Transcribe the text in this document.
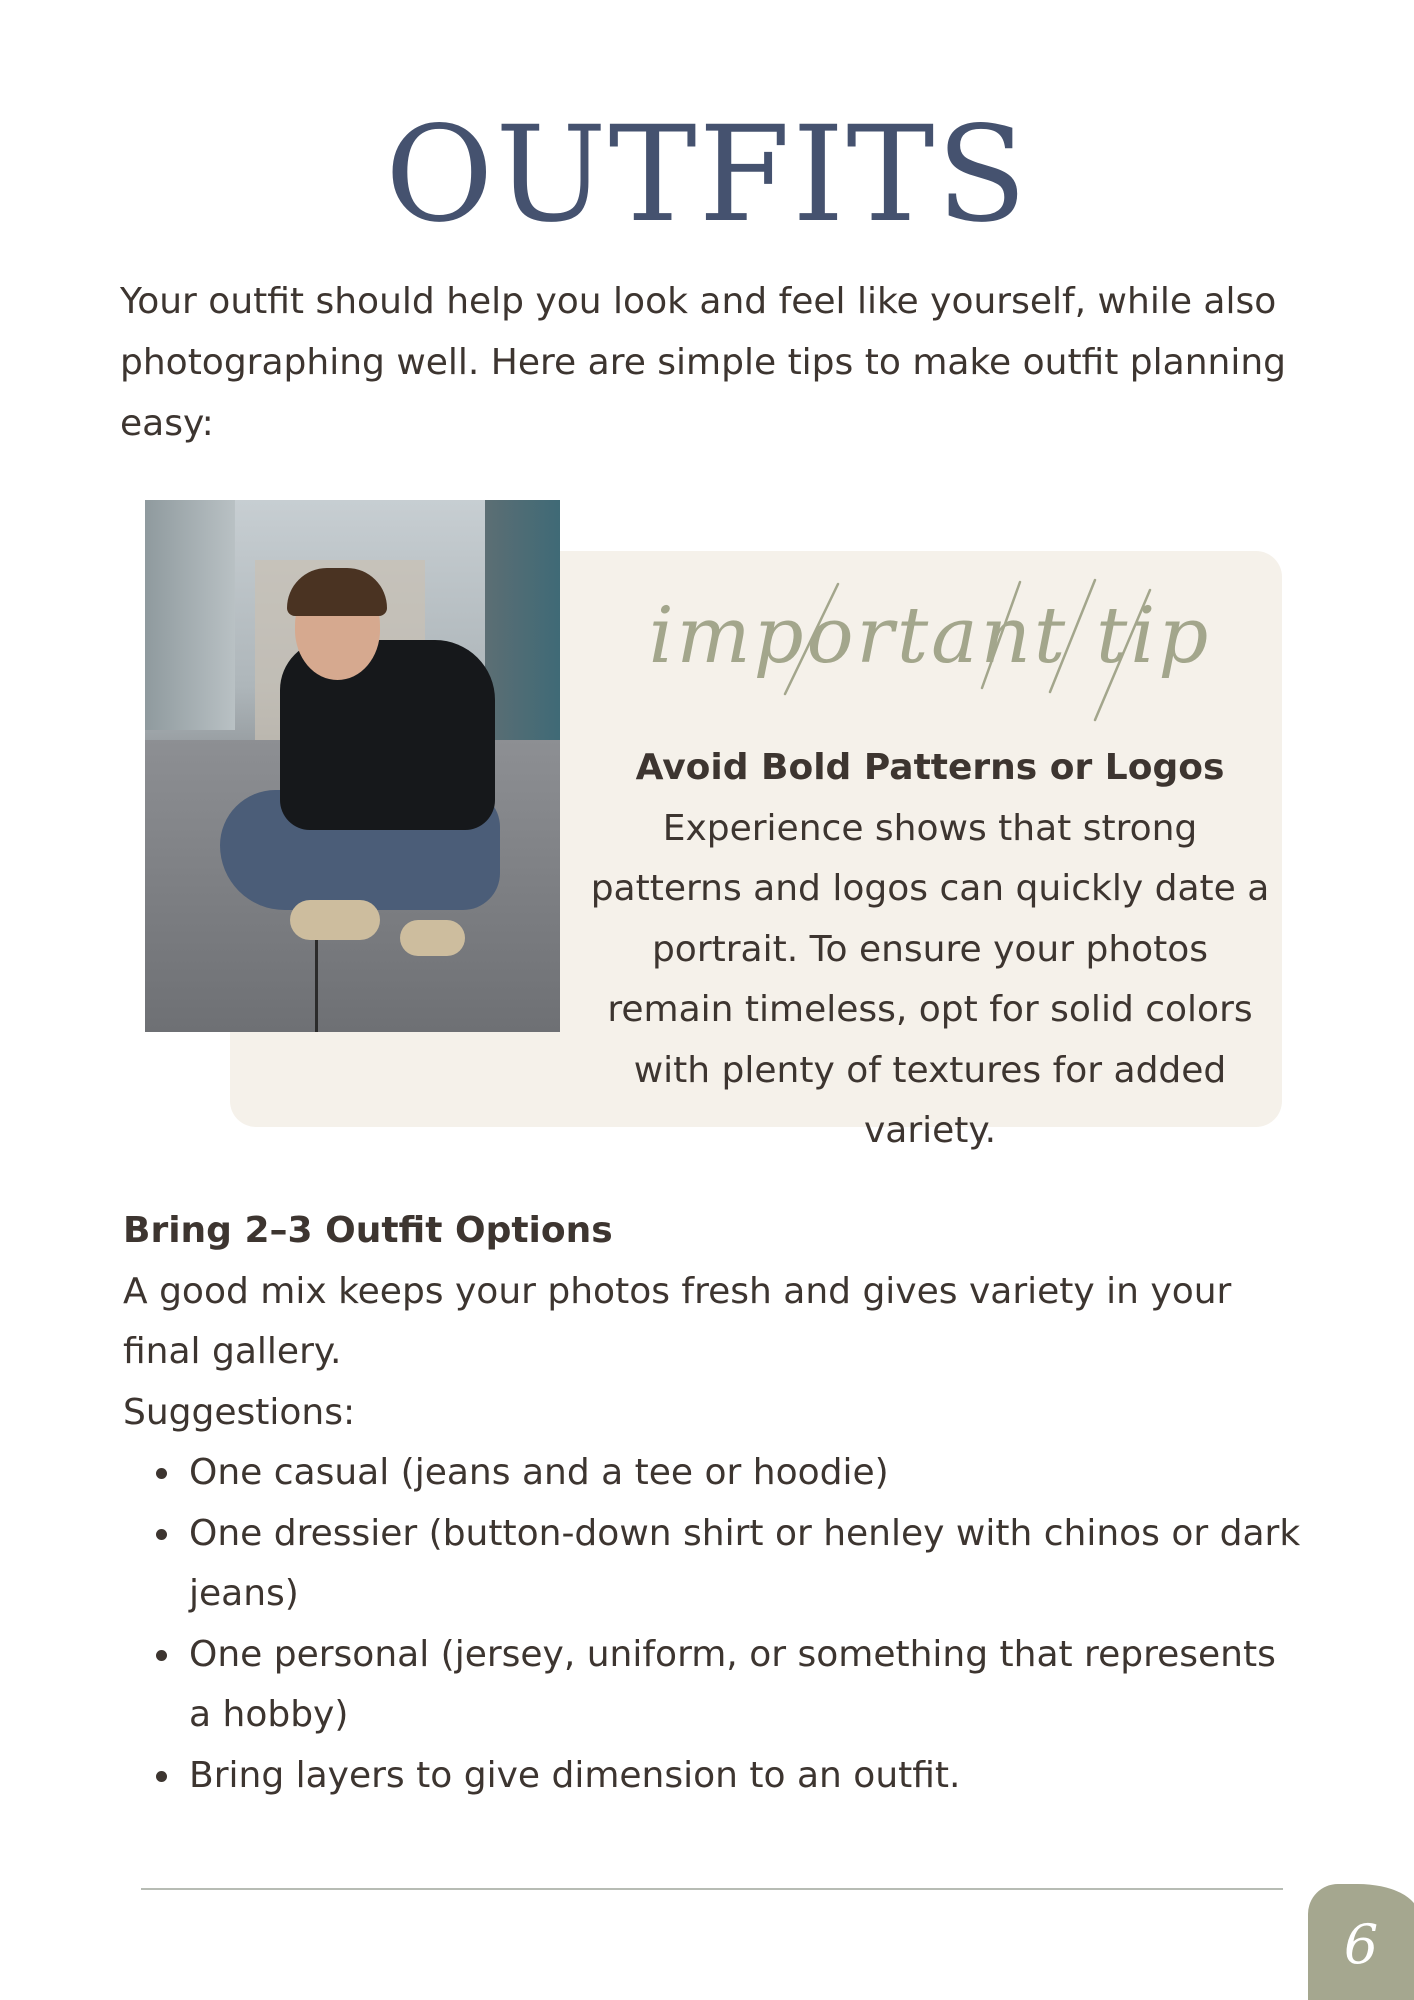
OUTFITS

Your outfit should help you look and feel like yourself, while also photographing well. Here are simple tips to make outfit planning easy:

important tip

Avoid Bold Patterns or Logos
Experience shows that strong patterns and logos can quickly date a portrait. To ensure your photos remain timeless, opt for solid colors with plenty of textures for added variety.

Bring 2–3 Outfit Options

A good mix keeps your photos fresh and gives variety in your final gallery.

Suggestions:

One casual (jeans and a tee or hoodie)
One dressier (button-down shirt or henley with chinos or dark jeans)
One personal (jersey, uniform, or something that represents a hobby)
Bring layers to give dimension to an outfit.
6
